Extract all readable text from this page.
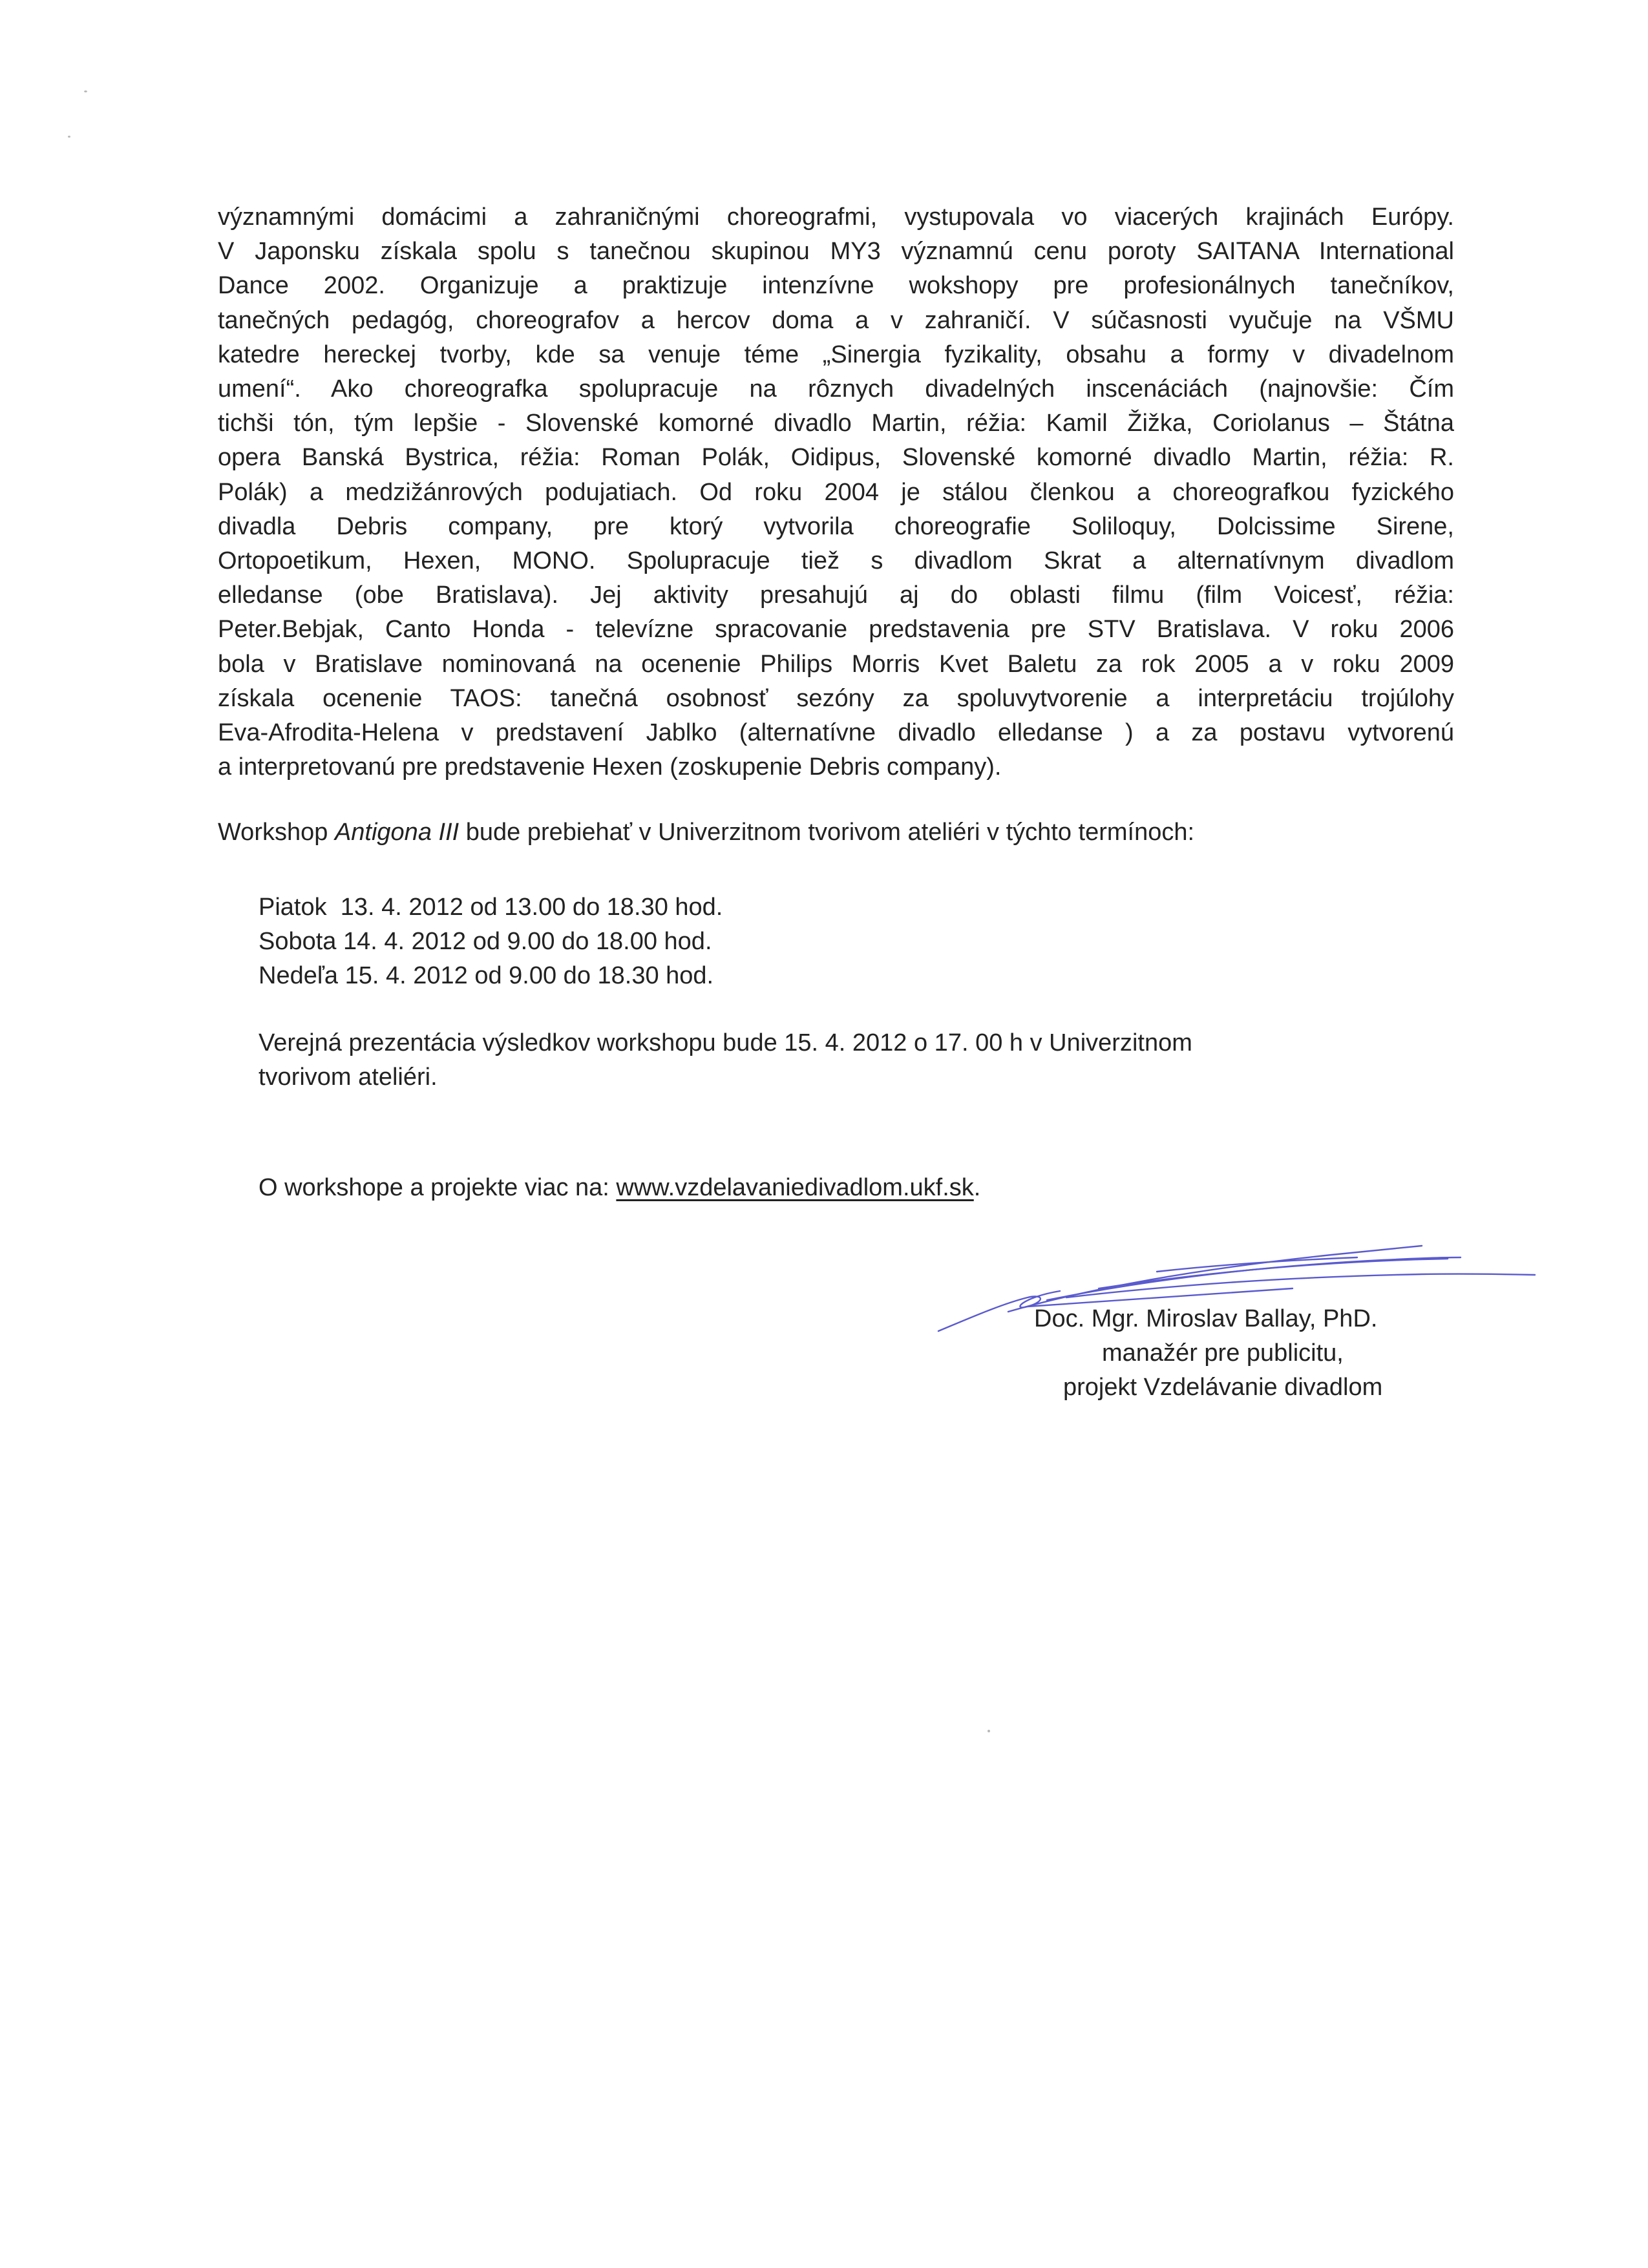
významnými domácimi a zahraničnými choreografmi, vystupovala vo viacerých krajinách Európy.
V Japonsku získala spolu s tanečnou skupinou MY3 významnú cenu poroty SAITANA International
Dance 2002. Organizuje a praktizuje intenzívne wokshopy pre profesionálnych tanečníkov,
tanečných pedagóg, choreografov a hercov doma a v zahraničí. V súčasnosti vyučuje na VŠMU
katedre hereckej tvorby, kde sa venuje téme „Sinergia fyzikality, obsahu a formy v divadelnom
umení“. Ako choreografka spolupracuje na rôznych divadelných inscenáciách (najnovšie: Čím
tichši tón, tým lepšie - Slovenské komorné divadlo Martin, réžia: Kamil Žižka, Coriolanus – Štátna
opera Banská Bystrica, réžia: Roman Polák, Oidipus, Slovenské komorné divadlo Martin, réžia: R.
Polák) a medzižánrových podujatiach. Od roku 2004 je stálou členkou a choreografkou fyzického
divadla Debris company, pre ktorý vytvorila choreografie Soliloquy, Dolcissime Sirene,
Ortopoetikum, Hexen, MONO. Spolupracuje tiež s divadlom Skrat a alternatívnym divadlom
elledanse (obe Bratislava). Jej aktivity presahujú aj do oblasti filmu (film Voicesť, réžia:
Peter.Bebjak, Canto Honda - televízne spracovanie predstavenia pre STV Bratislava. V roku 2006
bola v Bratislave nominovaná na ocenenie Philips Morris Kvet Baletu za rok 2005 a v roku 2009
získala ocenenie TAOS: tanečná osobnosť sezóny za spoluvytvorenie a interpretáciu trojúlohy
Eva-Afrodita-Helena v predstavení Jablko (alternatívne divadlo elledanse ) a za postavu vytvorenú
a interpretovanú pre predstavenie Hexen (zoskupenie Debris company).

Workshop Antigona III bude prebiehať v Univerzitnom tvorivom ateliéri v týchto termínoch:

Piatok  13. 4. 2012 od 13.00 do 18.30 hod.
Sobota 14. 4. 2012 od 9.00 do 18.00 hod.
Nedeľa 15. 4. 2012 od 9.00 do 18.30 hod.

Verejná prezentácia výsledkov workshopu bude 15. 4. 2012 o 17. 00 h v Univerzitnom
tvorivom ateliéri.

O workshope a projekte viac na: www.vzdelavaniedivadlom.ukf.sk.

Doc. Mgr. Miroslav Ballay, PhD.
manažér pre publicitu,
projekt Vzdelávanie divadlom
